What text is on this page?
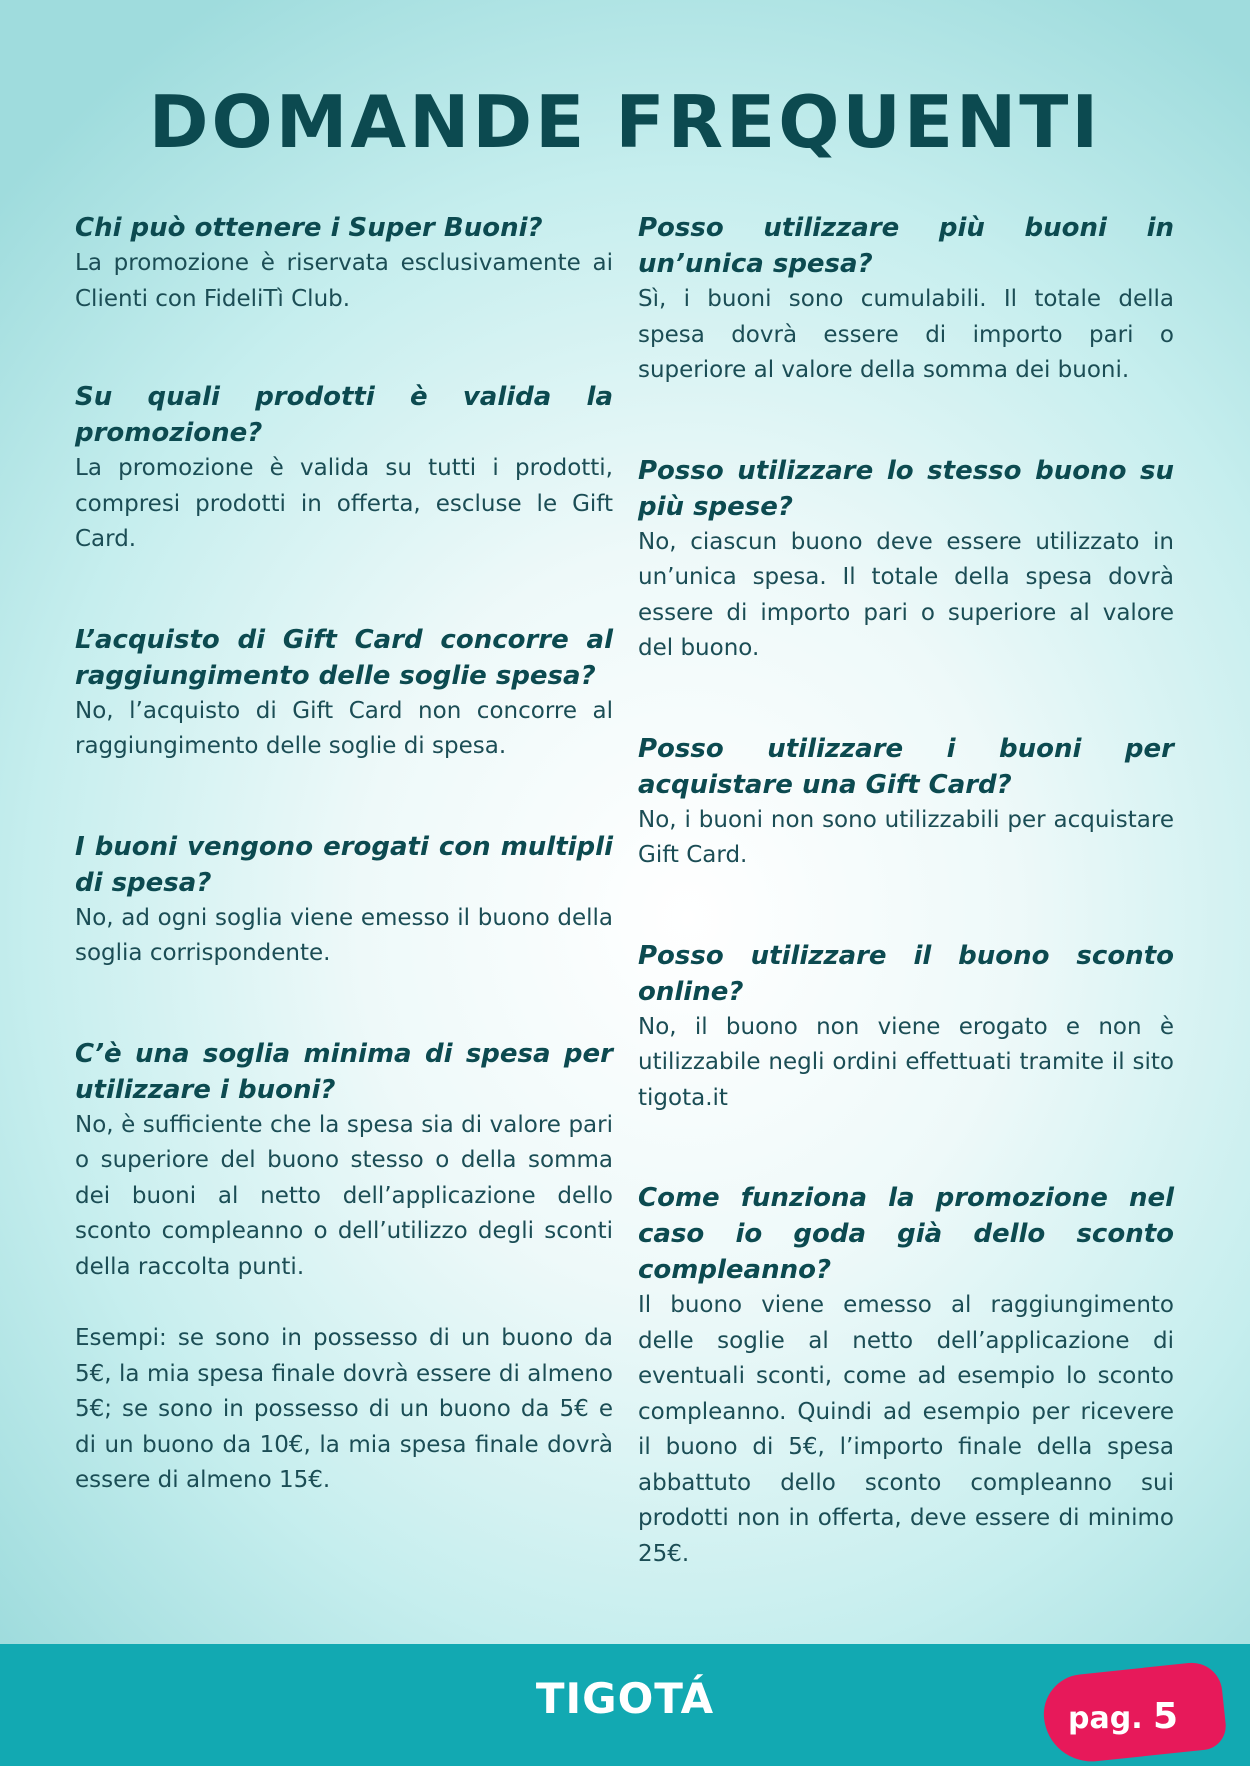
DOMANDE FREQUENTI

Chi può ottenere i Super Buoni?

La promozione è riservata esclusivamente ai Clienti con FideliTì Club.

Su quali prodotti è valida la promozione?

La promozione è valida su tutti i prodotti, compresi prodotti in offerta, escluse le Gift Card.

L’acquisto di Gift Card concorre al raggiungimento delle soglie spesa?

No, l’acquisto di Gift Card non concorre al raggiungimento delle soglie di spesa.

I buoni vengono erogati con multipli di spesa?

No, ad ogni soglia viene emesso il buono della soglia corrispondente.

C’è una soglia minima di spesa per utilizzare i buoni?

No, è sufficiente che la spesa sia di valore pari o superiore del buono stesso o della somma dei buoni al netto dell’applicazione dello sconto compleanno o dell’utilizzo degli sconti della raccolta punti.

Esempi: se sono in possesso di un buono da 5€, la mia spesa finale dovrà essere di almeno 5€; se sono in possesso di un buono da 5€ e di un buono da 10€, la mia spesa finale dovrà essere di almeno 15€.

Posso utilizzare più buoni in un’unica spesa?

Sì, i buoni sono cumulabili. Il totale della spesa dovrà essere di importo pari o superiore al valore della somma dei buoni.

Posso utilizzare lo stesso buono su più spese?

No, ciascun buono deve essere utilizzato in un’unica spesa. Il totale della spesa dovrà essere di importo pari o superiore al valore del buono.

Posso utilizzare i buoni per acquistare una Gift Card?

No, i buoni non sono utilizzabili per acquistare Gift Card.

Posso utilizzare il buono sconto online?

No, il buono non viene erogato e non è utilizzabile negli ordini effettuati tramite il sito tigota.it

Come funziona la promozione nel caso io goda già dello sconto compleanno?

Il buono viene emesso al raggiungimento delle soglie al netto dell’applicazione di eventuali sconti, come ad esempio lo sconto compleanno. Quindi ad esempio per ricevere il buono di 5€, l’importo finale della spesa abbattuto dello sconto compleanno sui prodotti non in offerta, deve essere di minimo 25€.

TIGOTÁ	pag. 5
